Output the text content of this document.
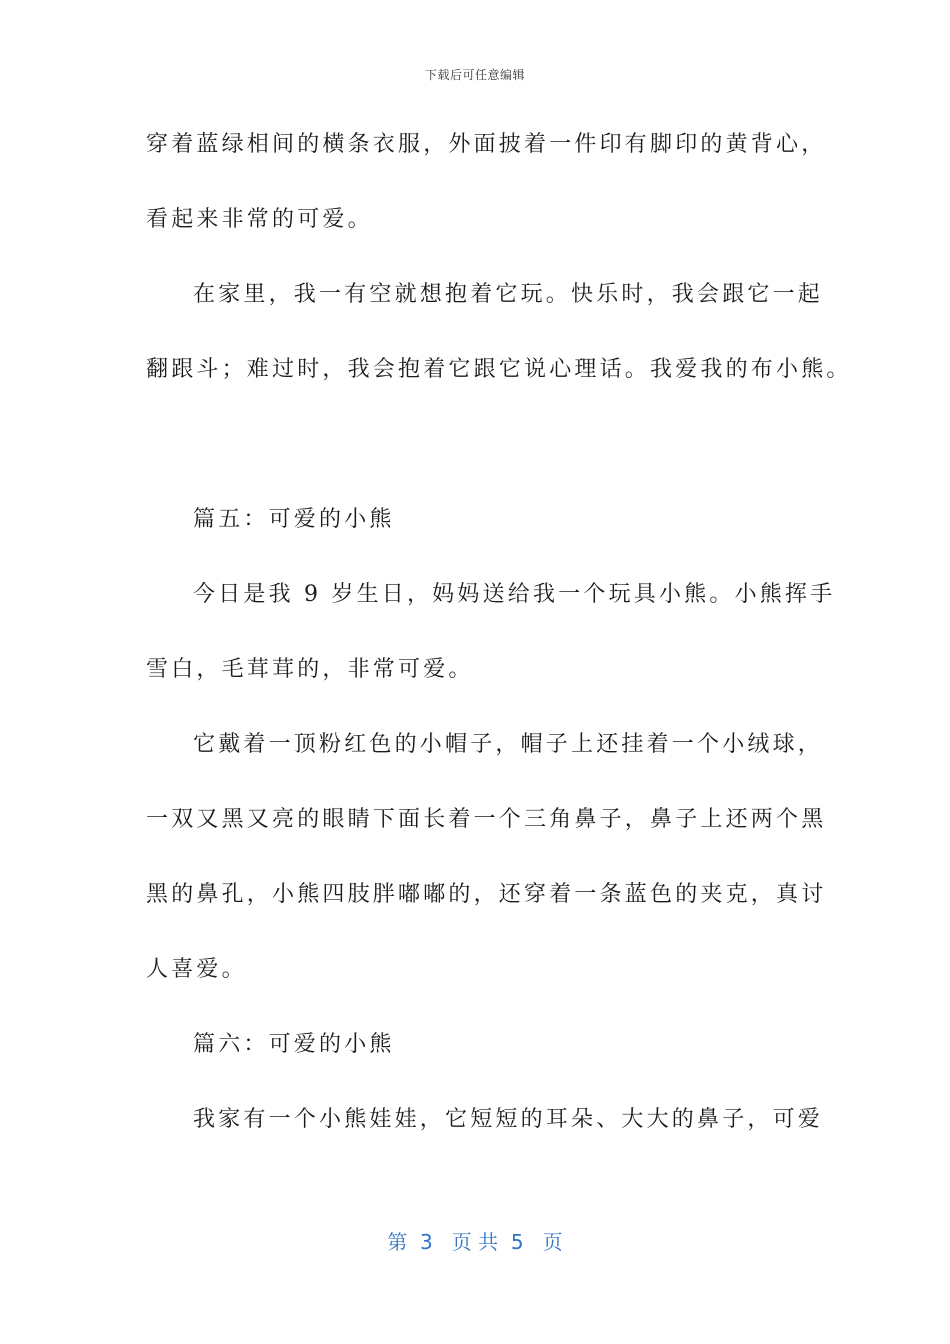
下载后可任意编辑
穿着蓝绿相间的横条衣服，外面披着一件印有脚印的黄背心，
看起来非常的可爱。
在家里，我一有空就想抱着它玩。快乐时，我会跟它一起
翻跟斗；难过时，我会抱着它跟它说心理话。我爱我的布小熊。
篇五：可爱的小熊
今日是我 9 岁生日，妈妈送给我一个玩具小熊。小熊挥手
雪白，毛茸茸的，非常可爱。
它戴着一顶粉红色的小帽子，帽子上还挂着一个小绒球，
一双又黑又亮的眼睛下面长着一个三角鼻子，鼻子上还两个黑
黑的鼻孔，小熊四肢胖嘟嘟的，还穿着一条蓝色的夹克，真讨
人喜爱。
篇六：可爱的小熊
我家有一个小熊娃娃，它短短的耳朵、大大的鼻子，可爱
第  3   页 共  5   页
